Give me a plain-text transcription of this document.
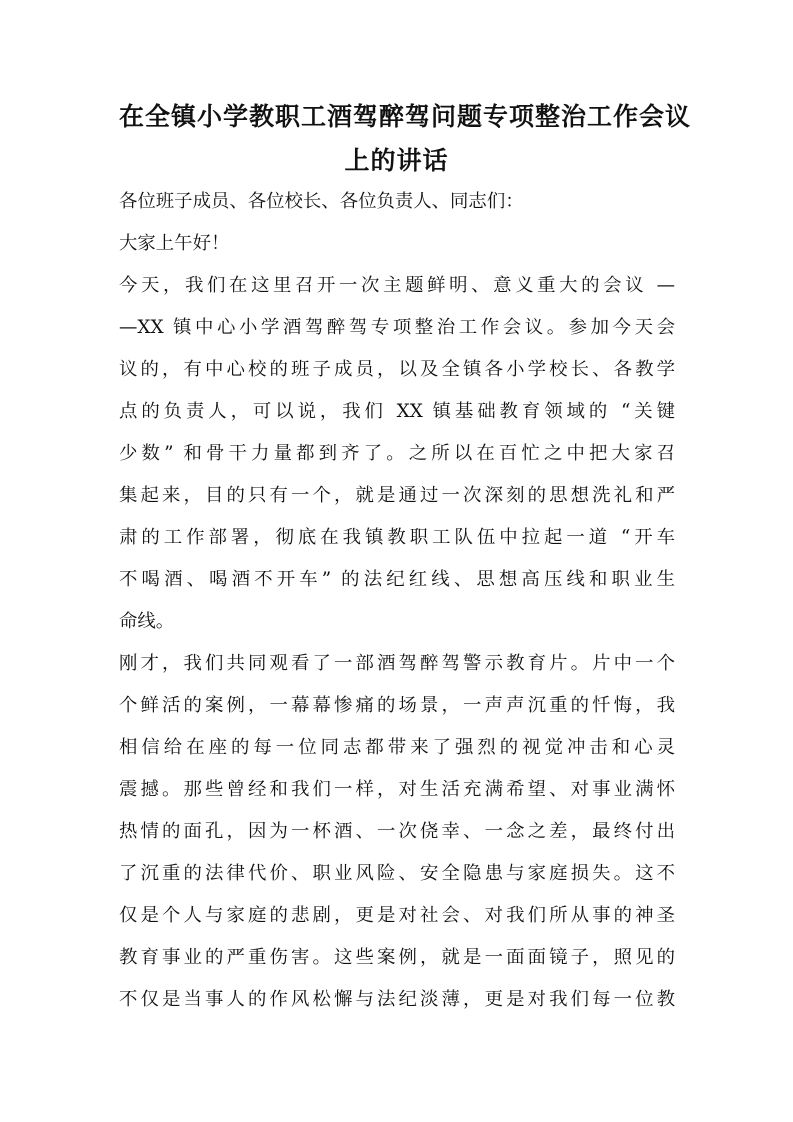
在全镇小学教职工酒驾醉驾问题专项整治工作会议
上的讲话

各位班子成员、各位校长、各位负责人、同志们：

大家上午好！

今天，我们在这里召开一次主题鲜明、意义重大的会议 —

—XX 镇中心小学酒驾醉驾专项整治工作会议。参加今天会

议的，有中心校的班子成员，以及全镇各小学校长、各教学

点的负责人，可以说，我们 XX 镇基础教育领域的 “关键

少数” 和骨干力量都到齐了。之所以在百忙之中把大家召

集起来，目的只有一个，就是通过一次深刻的思想洗礼和严

肃的工作部署，彻底在我镇教职工队伍中拉起一道 “开车

不喝酒、喝酒不开车” 的法纪红线、思想高压线和职业生

命线。

刚才，我们共同观看了一部酒驾醉驾警示教育片。片中一个

个鲜活的案例，一幕幕惨痛的场景，一声声沉重的忏悔，我

相信给在座的每一位同志都带来了强烈的视觉冲击和心灵

震撼。那些曾经和我们一样，对生活充满希望、对事业满怀

热情的面孔，因为一杯酒、一次侥幸、一念之差，最终付出

了沉重的法律代价、职业风险、安全隐患与家庭损失。这不

仅是个人与家庭的悲剧，更是对社会、对我们所从事的神圣

教育事业的严重伤害。这些案例，就是一面面镜子，照见的

不仅是当事人的作风松懈与法纪淡薄，更是对我们每一位教
